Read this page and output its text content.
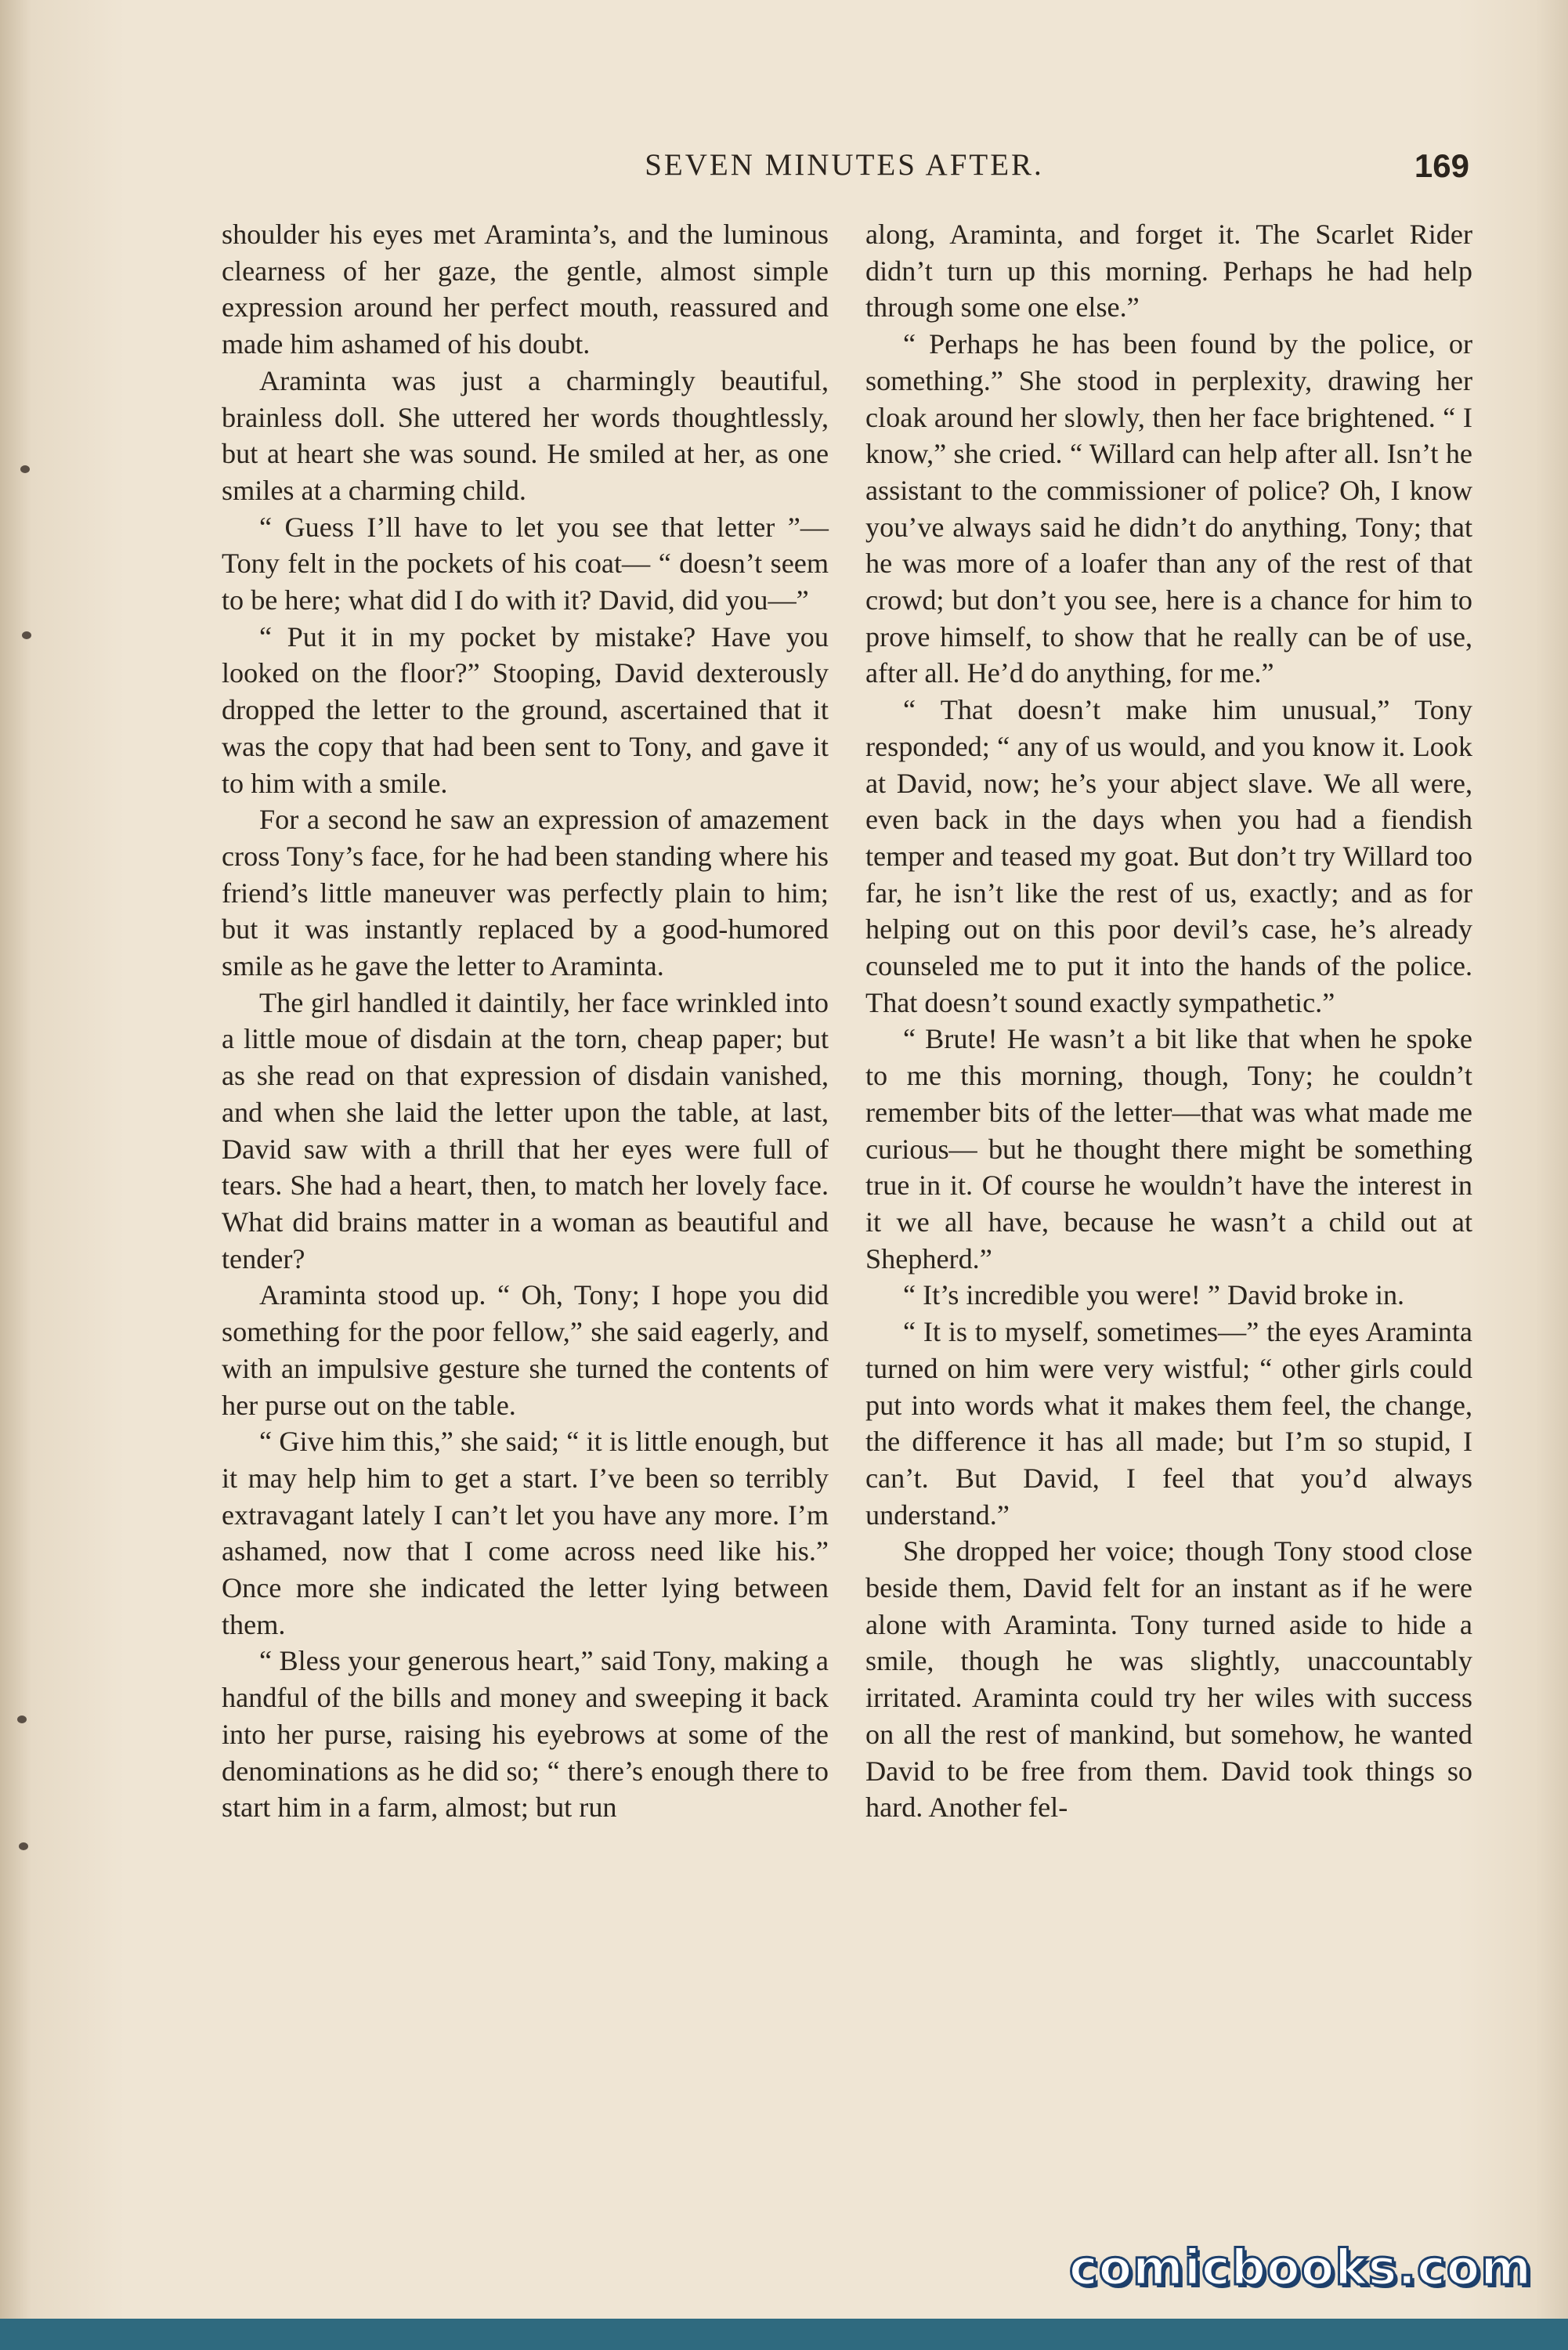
SEVEN MINUTES AFTER.	169

shoulder his eyes met Araminta’s, and the luminous clearness of her gaze, the gentle, almost simple expression around her perfect mouth, reassured and made him ashamed of his doubt.

Araminta was just a charmingly beautiful, brainless doll. She uttered her words thoughtlessly, but at heart she was sound. He smiled at her, as one smiles at a charming child.

“ Guess I’ll have to let you see that letter ”—Tony felt in the pockets of his coat— “ doesn’t seem to be here; what did I do with it? David, did you—”

“ Put it in my pocket by mistake? Have you looked on the floor?” Stooping, David dexterously dropped the letter to the ground, ascertained that it was the copy that had been sent to Tony, and gave it to him with a smile.

For a second he saw an expression of amazement cross Tony’s face, for he had been standing where his friend’s little maneuver was perfectly plain to him; but it was instantly replaced by a good-humored smile as he gave the letter to Araminta.

The girl handled it daintily, her face wrinkled into a little moue of disdain at the torn, cheap paper; but as she read on that expression of disdain vanished, and when she laid the letter upon the table, at last, David saw with a thrill that her eyes were full of tears. She had a heart, then, to match her lovely face. What did brains matter in a woman as beautiful and tender?

Araminta stood up. “ Oh, Tony; I hope you did something for the poor fellow,” she said eagerly, and with an impulsive gesture she turned the contents of her purse out on the table.

“ Give him this,” she said; “ it is little enough, but it may help him to get a start. I’ve been so terribly extravagant lately I can’t let you have any more. I’m ashamed, now that I come across need like his.” Once more she indicated the letter lying between them.

“ Bless your generous heart,” said Tony, making a handful of the bills and money and sweeping it back into her purse, raising his eyebrows at some of the denominations as he did so; “ there’s enough there to start him in a farm, almost; but run

along, Araminta, and forget it. The Scarlet Rider didn’t turn up this morning. Perhaps he had help through some one else.”

“ Perhaps he has been found by the police, or something.” She stood in perplexity, drawing her cloak around her slowly, then her face brightened. “ I know,” she cried. “ Willard can help after all. Isn’t he assistant to the commissioner of police? Oh, I know you’ve always said he didn’t do anything, Tony; that he was more of a loafer than any of the rest of that crowd; but don’t you see, here is a chance for him to prove himself, to show that he really can be of use, after all. He’d do anything, for me.”

“ That doesn’t make him unusual,” Tony responded; “ any of us would, and you know it. Look at David, now; he’s your abject slave. We all were, even back in the days when you had a fiendish temper and teased my goat. But don’t try Willard too far, he isn’t like the rest of us, exactly; and as for helping out on this poor devil’s case, he’s already counseled me to put it into the hands of the police. That doesn’t sound exactly sympathetic.”

“ Brute! He wasn’t a bit like that when he spoke to me this morning, though, Tony; he couldn’t remember bits of the letter—that was what made me curious— but he thought there might be something true in it. Of course he wouldn’t have the interest in it we all have, because he wasn’t a child out at Shepherd.”

“ It’s incredible you were! ” David broke in.

“ It is to myself, sometimes—” the eyes Araminta turned on him were very wistful; “ other girls could put into words what it makes them feel, the change, the difference it has all made; but I’m so stupid, I can’t. But David, I feel that you’d always understand.”

She dropped her voice; though Tony stood close beside them, David felt for an instant as if he were alone with Araminta. Tony turned aside to hide a smile, though he was slightly, unaccountably irritated. Araminta could try her wiles with success on all the rest of mankind, but somehow, he wanted David to be free from them. David took things so hard. Another fel-

comicbooks.com
